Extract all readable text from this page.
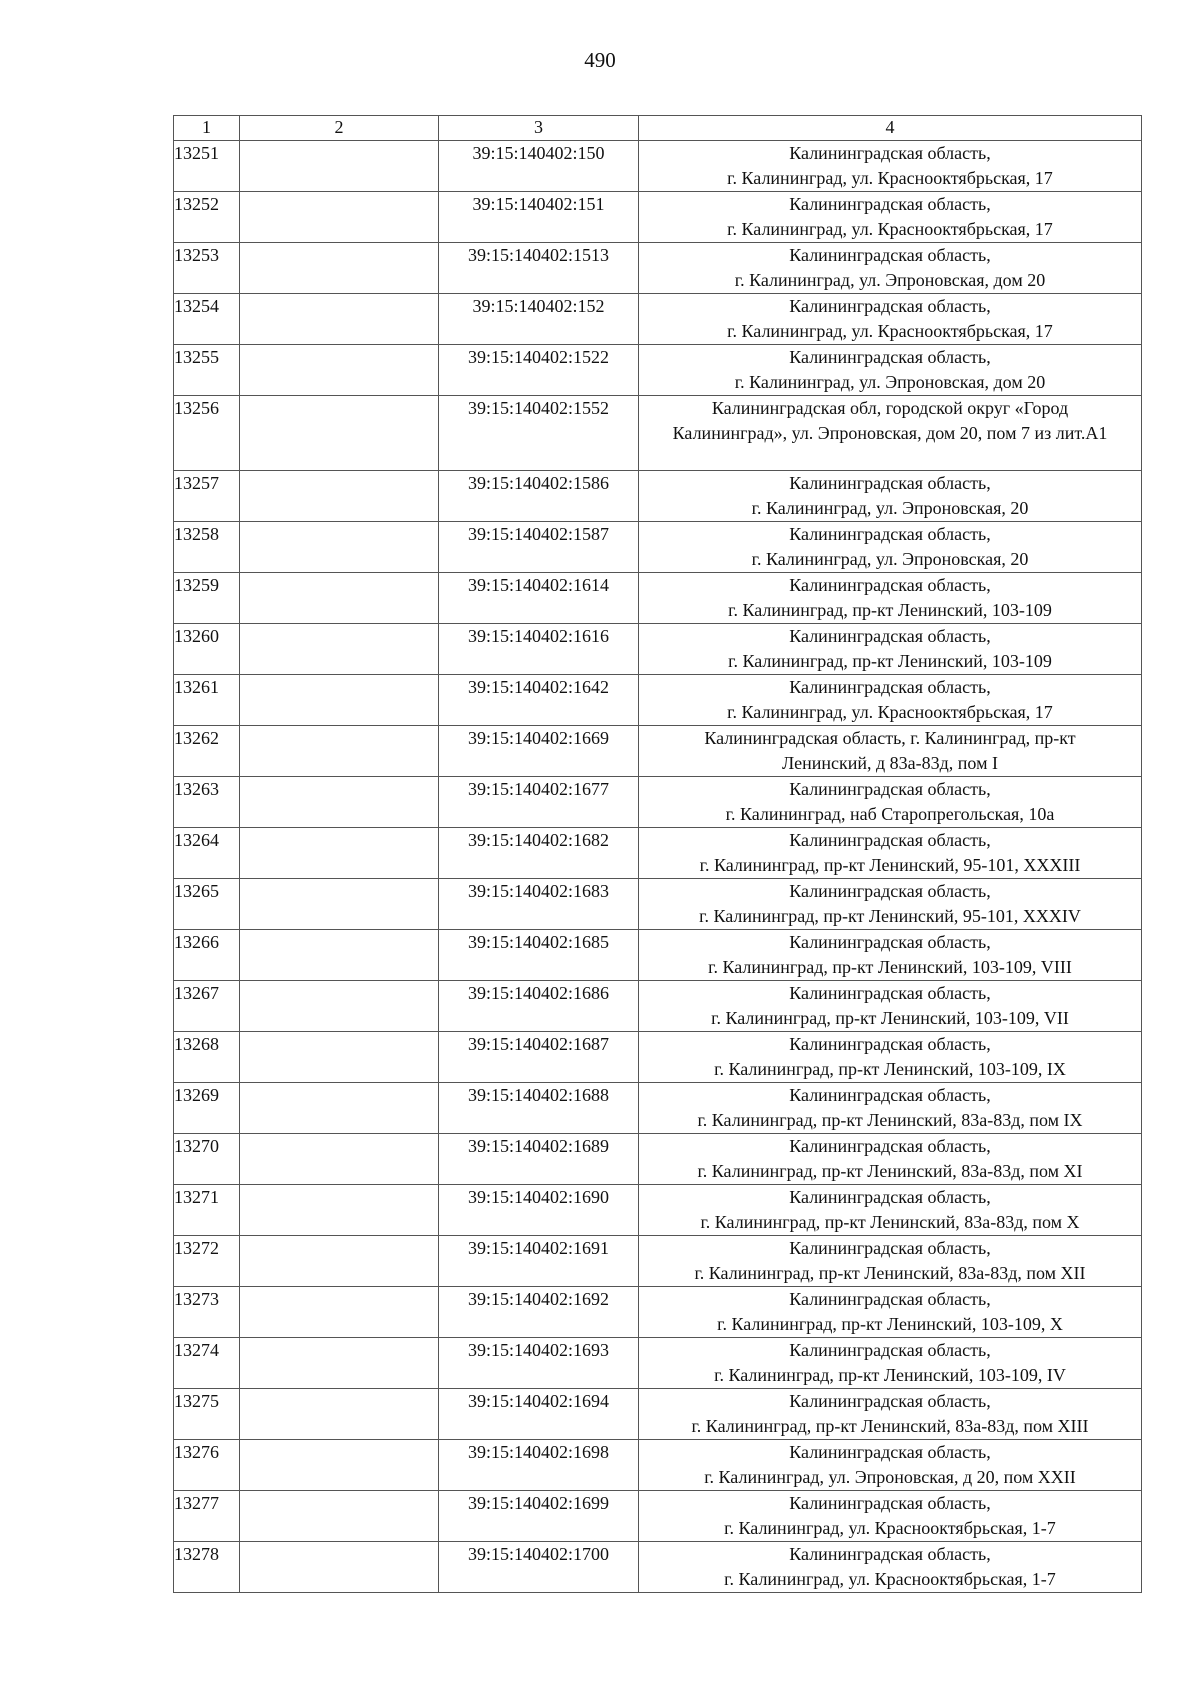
490
1	2	3	4
13251		39:15:140402:150	Калининградская область,
г. Калининград, ул. Краснооктябрьская, 17

13252		39:15:140402:151	Калининградская область,
г. Калининград, ул. Краснооктябрьская, 17

13253		39:15:140402:1513	Калининградская область,
г. Калининград, ул. Эпроновская, дом 20

13254		39:15:140402:152	Калининградская область,
г. Калининград, ул. Краснооктябрьская, 17

13255		39:15:140402:1522	Калининградская область,
г. Калининград, ул. Эпроновская, дом 20

13256		39:15:140402:1552	Калининградская обл, городской округ «Город
Калининград», ул. Эпроновская, дом 20, пом 7 из лит.А1

13257		39:15:140402:1586	Калининградская область,
г. Калининград, ул. Эпроновская, 20

13258		39:15:140402:1587	Калининградская область,
г. Калининград, ул. Эпроновская, 20

13259		39:15:140402:1614	Калининградская область,
г. Калининград, пр-кт Ленинский, 103-109

13260		39:15:140402:1616	Калининградская область,
г. Калининград, пр-кт Ленинский, 103-109

13261		39:15:140402:1642	Калининградская область,
г. Калининград, ул. Краснооктябрьская, 17

13262		39:15:140402:1669	Калининградская область, г. Калининград, пр-кт
Ленинский, д 83а-83д, пом I

13263		39:15:140402:1677	Калининградская область,
г. Калининград, наб Старопрегольская, 10а

13264		39:15:140402:1682	Калининградская область,
г. Калининград, пр-кт Ленинский, 95-101, XXXIII

13265		39:15:140402:1683	Калининградская область,
г. Калининград, пр-кт Ленинский, 95-101, XXXIV

13266		39:15:140402:1685	Калининградская область,
г. Калининград, пр-кт Ленинский, 103-109, VIII

13267		39:15:140402:1686	Калининградская область,
г. Калининград, пр-кт Ленинский, 103-109, VII

13268		39:15:140402:1687	Калининградская область,
г. Калининград, пр-кт Ленинский, 103-109, IX

13269		39:15:140402:1688	Калининградская область,
г. Калининград, пр-кт Ленинский, 83а-83д, пом IX

13270		39:15:140402:1689	Калининградская область,
г. Калининград, пр-кт Ленинский, 83а-83д, пом XI

13271		39:15:140402:1690	Калининградская область,
г. Калининград, пр-кт Ленинский, 83а-83д, пом X

13272		39:15:140402:1691	Калининградская область,
г. Калининград, пр-кт Ленинский, 83а-83д, пом XII

13273		39:15:140402:1692	Калининградская область,
г. Калининград, пр-кт Ленинский, 103-109, X

13274		39:15:140402:1693	Калининградская область,
г. Калининград, пр-кт Ленинский, 103-109, IV

13275		39:15:140402:1694	Калининградская область,
г. Калининград, пр-кт Ленинский, 83а-83д, пом XIII

13276		39:15:140402:1698	Калининградская область,
г. Калининград, ул. Эпроновская, д 20, пом XXII

13277		39:15:140402:1699	Калининградская область,
г. Калининград, ул. Краснооктябрьская, 1-7

13278		39:15:140402:1700	Калининградская область,
г. Калининград, ул. Краснооктябрьская, 1-7
